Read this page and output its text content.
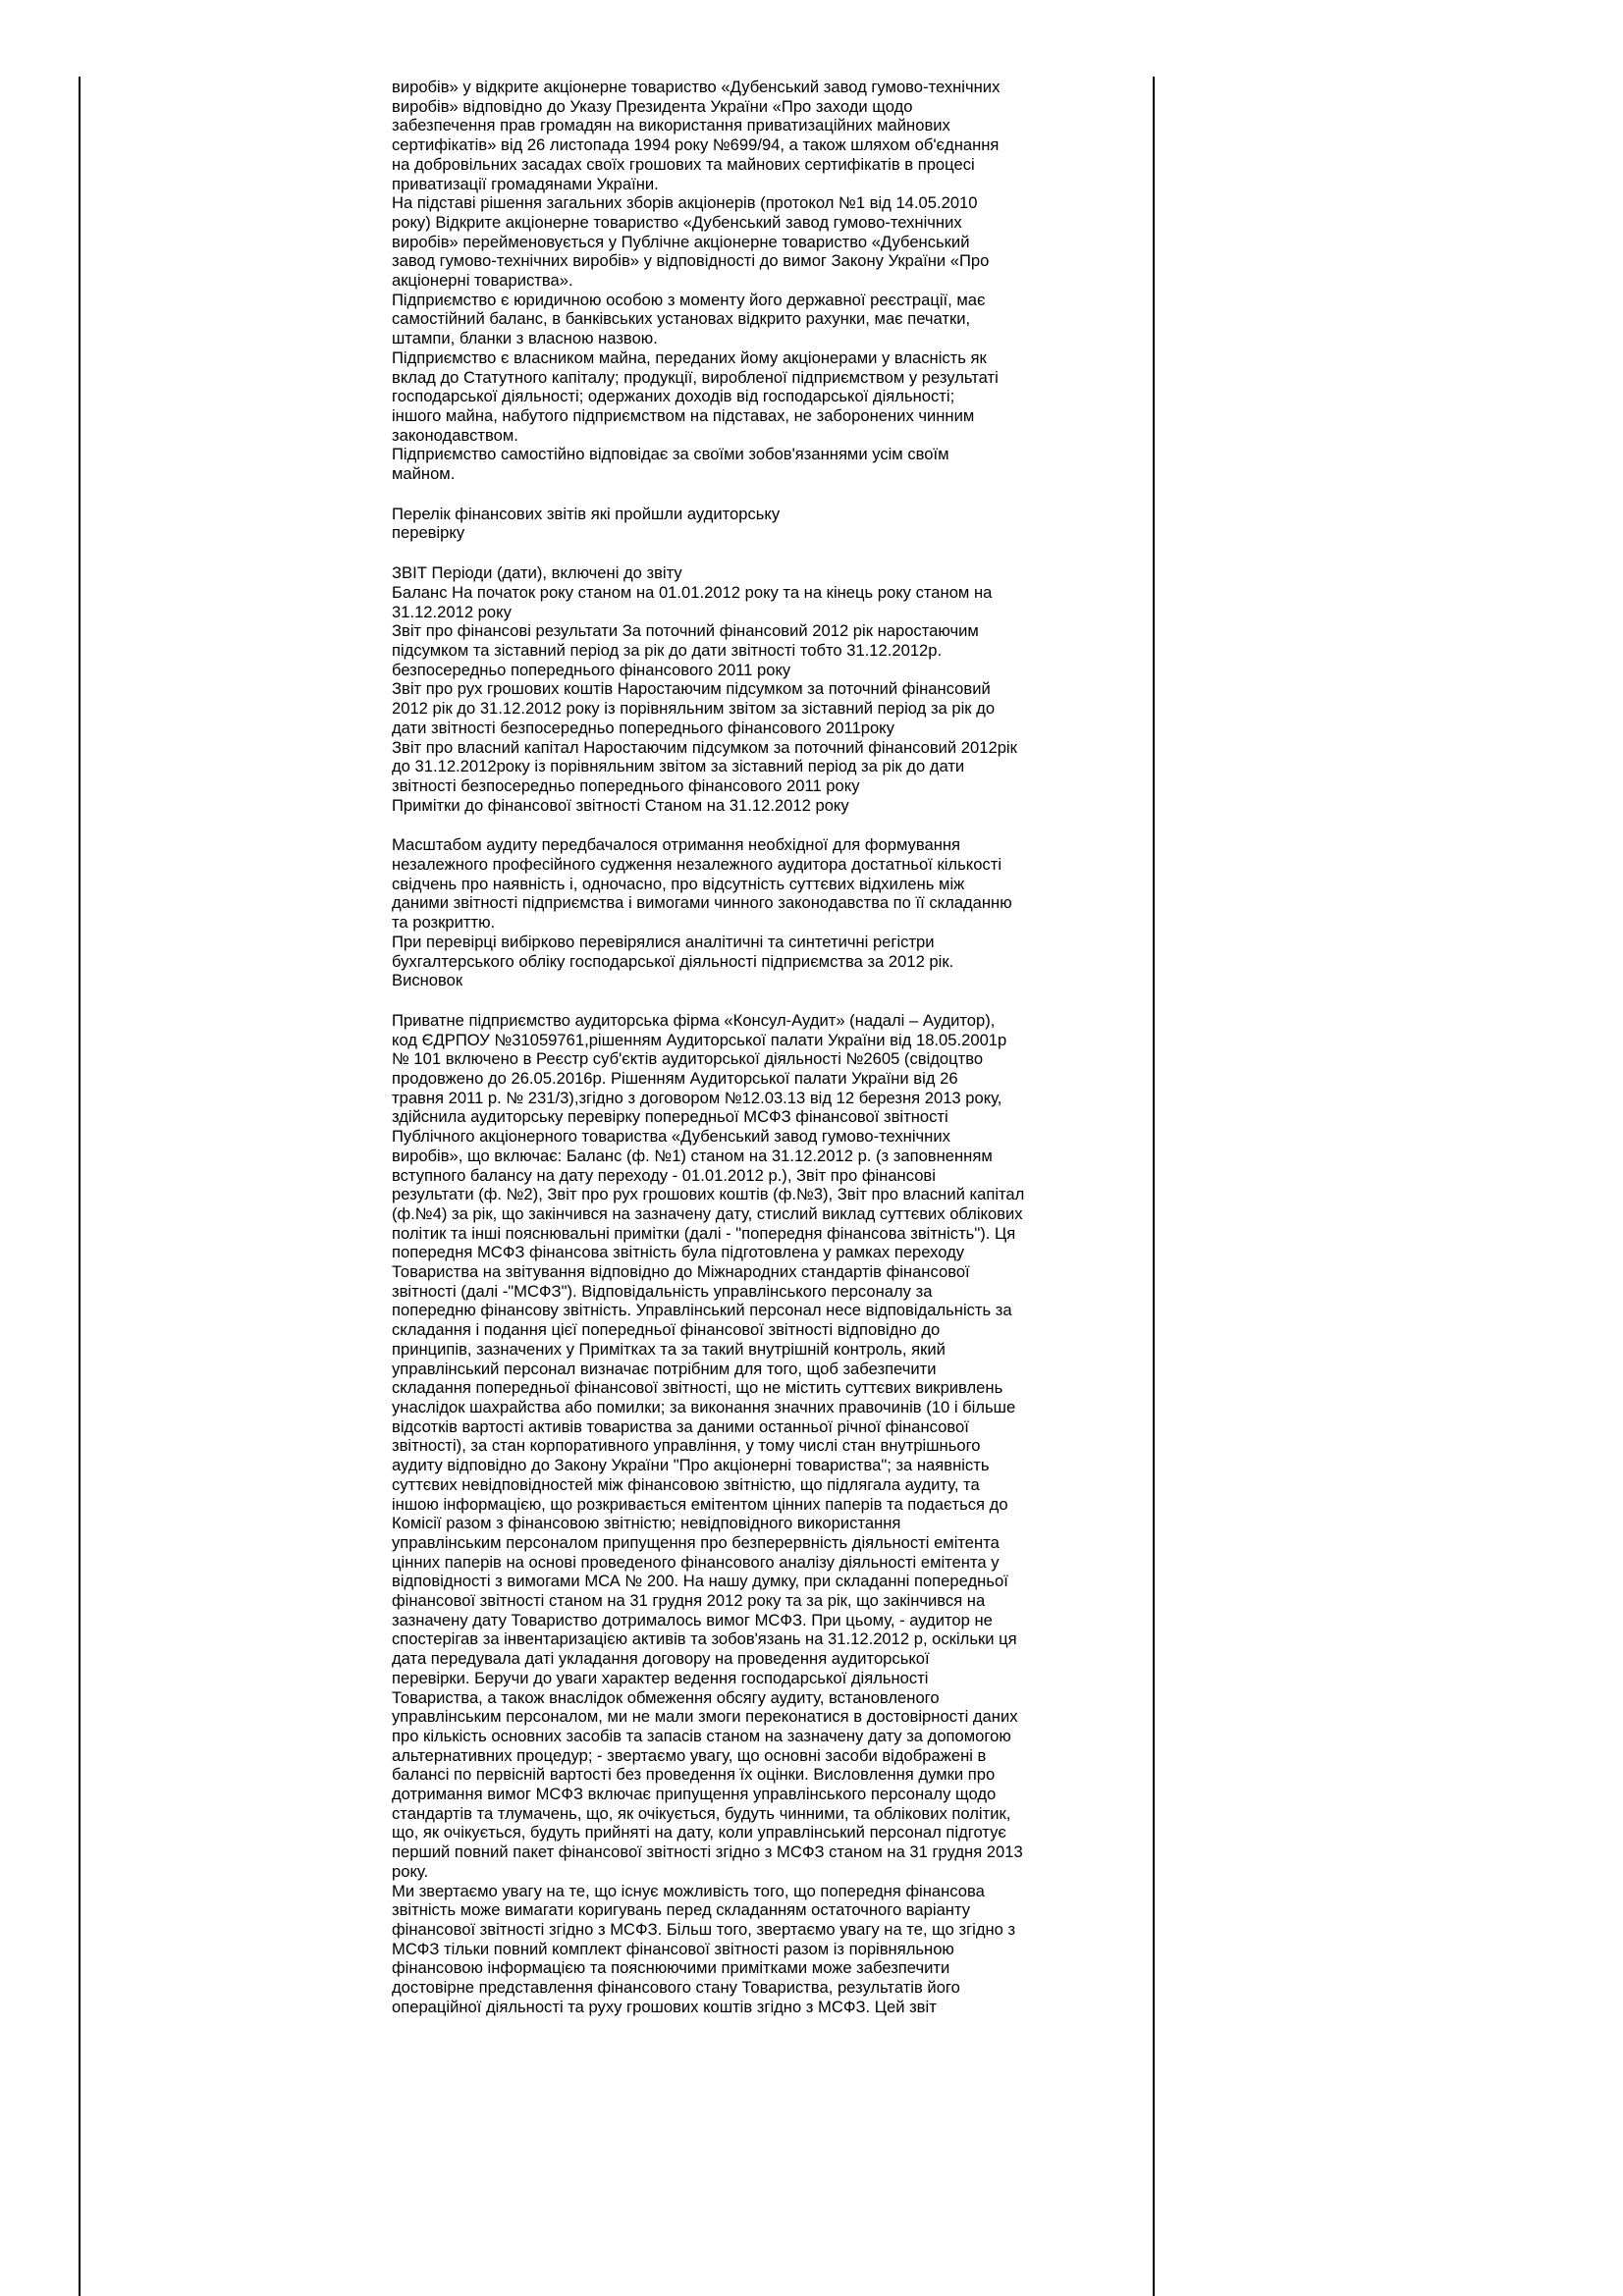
виробів» у відкрите акціонерне товариство «Дубенський завод гумово-технічних
виробів» відповідно до Указу Президента України «Про заходи щодо
забезпечення прав громадян на використання приватизаційних майнових
сертифікатів» від 26 листопада 1994 року №699/94, а також шляхом об'єднання
на добровільних засадах своїх грошових та майнових сертифікатів в процесі
приватизації громадянами України.
На підставі рішення загальних зборів акціонерів (протокол №1 від 14.05.2010
року) Відкрите акціонерне товариство «Дубенський завод гумово-технічних
виробів» перейменовується у Публічне акціонерне товариство «Дубенський
завод гумово-технічних виробів» у відповідності до вимог Закону України «Про
акціонерні товариства».
Підприємство є юридичною особою з моменту його державної реєстрації, має
самостійний баланс, в банківських установах відкрито рахунки, має печатки,
штампи, бланки з власною назвою.
Підприємство є власником майна, переданих йому акціонерами у власність як
вклад до Статутного капіталу; продукції, виробленої підприємством у результаті
господарської діяльності; одержаних доходів від господарської діяльності;
іншого майна, набутого підприємством на підставах, не заборонених чинним
законодавством.
Підприємство самостійно відповідає за своїми зобов'язаннями усім своїм
майном.
Перелік фінансових звітів які пройшли аудиторську
перевірку
ЗВІТ Періоди (дати), включені до звіту
Баланс На початок року станом на 01.01.2012 року та на кінець року станом на
31.12.2012 року
Звіт про фінансові результати За поточний фінансовий 2012 рік наростаючим
підсумком та зіставний період за рік до дати звітності тобто 31.12.2012р.
безпосередньо попереднього фінансового 2011 року
Звіт про рух грошових коштів Наростаючим підсумком за поточний фінансовий
2012 рік до 31.12.2012 року із порівняльним звітом за зіставний період за рік до
дати звітності безпосередньо попереднього фінансового 2011року
Звіт про власний капітал Наростаючим підсумком за поточний фінансовий 2012рік
до 31.12.2012року із порівняльним звітом за зіставний період за рік до дати
звітності безпосередньо попереднього фінансового 2011 року
Примітки до фінансової звітності Станом на 31.12.2012 року
Масштабом аудиту передбачалося отримання необхідної для формування
незалежного професійного судження незалежного аудитора достатньої кількості
свідчень про наявність і, одночасно, про відсутність суттєвих відхилень між
даними звітності підприємства і вимогами чинного законодавства по її складанню
та розкриттю.
При перевірці вибірково перевірялися аналітичні та синтетичні регістри
бухгалтерського обліку господарської діяльності підприємства за 2012 рік.
Висновок
Приватне підприємство аудиторська фірма «Консул-Аудит» (надалі – Аудитор),
код ЄДРПОУ №31059761,рішенням Аудиторської палати України від 18.05.2001р
№ 101 включено в Реєстр суб'єктів аудиторської діяльності №2605 (свідоцтво
продовжено до 26.05.2016р. Рішенням Аудиторської палати України від 26
травня 2011 р. № 231/3),згідно з договором №12.03.13 від 12 березня 2013 року,
здійснила аудиторську перевірку попередньої МСФЗ фінансової звітності
Публічного акціонерного товариства «Дубенський завод гумово-технічних
виробів», що включає: Баланс (ф. №1) станом на 31.12.2012 р. (з заповненням
вступного балансу на дату переходу - 01.01.2012 р.), Звіт про фінансові
результати (ф. №2), Звіт про рух грошових коштів (ф.№3), Звіт про власний капітал
(ф.№4) за рік, що закінчився на зазначену дату, стислий виклад суттєвих облікових
політик та інші пояснювальні примітки (далі - "попередня фінансова звітність"). Ця
попередня МСФЗ фінансова звітність була підготовлена у рамках переходу
Товариства на звітування відповідно до Міжнародних стандартів фінансової
звітності (далі -"МСФЗ"). Відповідальність управлінського персоналу за
попередню фінансову звітність. Управлінський персонал несе відповідальність за
складання і подання цієї попередньої фінансової звітності відповідно до
принципів, зазначених у Примітках та за такий внутрішній контроль, який
управлінський персонал визначає потрібним для того, щоб забезпечити
складання попередньої фінансової звітності, що не містить суттєвих викривлень
унаслідок шахрайства або помилки; за виконання значних правочинів (10 і більше
відсотків вартості активів товариства за даними останньої річної фінансової
звітності), за стан корпоративного управління, у тому числі стан внутрішнього
аудиту відповідно до Закону України "Про акціонерні товариства"; за наявність
суттєвих невідповідностей між фінансовою звітністю, що підлягала аудиту, та
іншою інформацією, що розкривається емітентом цінних паперів та подається до
Комісії разом з фінансовою звітністю; невідповідного використання
управлінським персоналом припущення про безперервність діяльності емітента
цінних паперів на основі проведеного фінансового аналізу діяльності емітента у
відповідності з вимогами МСА № 200. На нашу думку, при складанні попередньої
фінансової звітності станом на 31 грудня 2012 року та за рік, що закінчився на
зазначену дату Товариство дотрималось вимог МСФЗ. При цьому, - аудитор не
спостерігав за інвентаризацією активів та зобов'язань на 31.12.2012 р, оскільки ця
дата передувала даті укладання договору на проведення аудиторської
перевірки. Беручи до уваги характер ведення господарської діяльності
Товариства, а також внаслідок обмеження обсягу аудиту, встановленого
управлінським персоналом, ми не мали змоги переконатися в достовірності даних
про кількість основних засобів та запасів станом на зазначену дату за допомогою
альтернативних процедур; - звертаємо увагу, що основні засоби відображені в
балансі по первісній вартості без проведення їх оцінки. Висловлення думки про
дотримання вимог МСФЗ включає припущення управлінського персоналу щодо
стандартів та тлумачень, що, як очікується, будуть чинними, та облікових політик,
що, як очікується, будуть прийняті на дату, коли управлінський персонал підготує
перший повний пакет фінансової звітності згідно з МСФЗ станом на 31 грудня 2013
року.
Ми звертаємо увагу на те, що існує можливість того, що попередня фінансова
звітність може вимагати коригувань перед складанням остаточного варіанту
фінансової звітності згідно з МСФЗ. Більш того, звертаємо увагу на те, що згідно з
МСФЗ тільки повний комплект фінансової звітності разом із порівняльною
фінансовою інформацією та пояснюючими примітками може забезпечити
достовірне представлення фінансового стану Товариства, результатів його
операційної діяльності та руху грошових коштів згідно з МСФЗ. Цей звіт
